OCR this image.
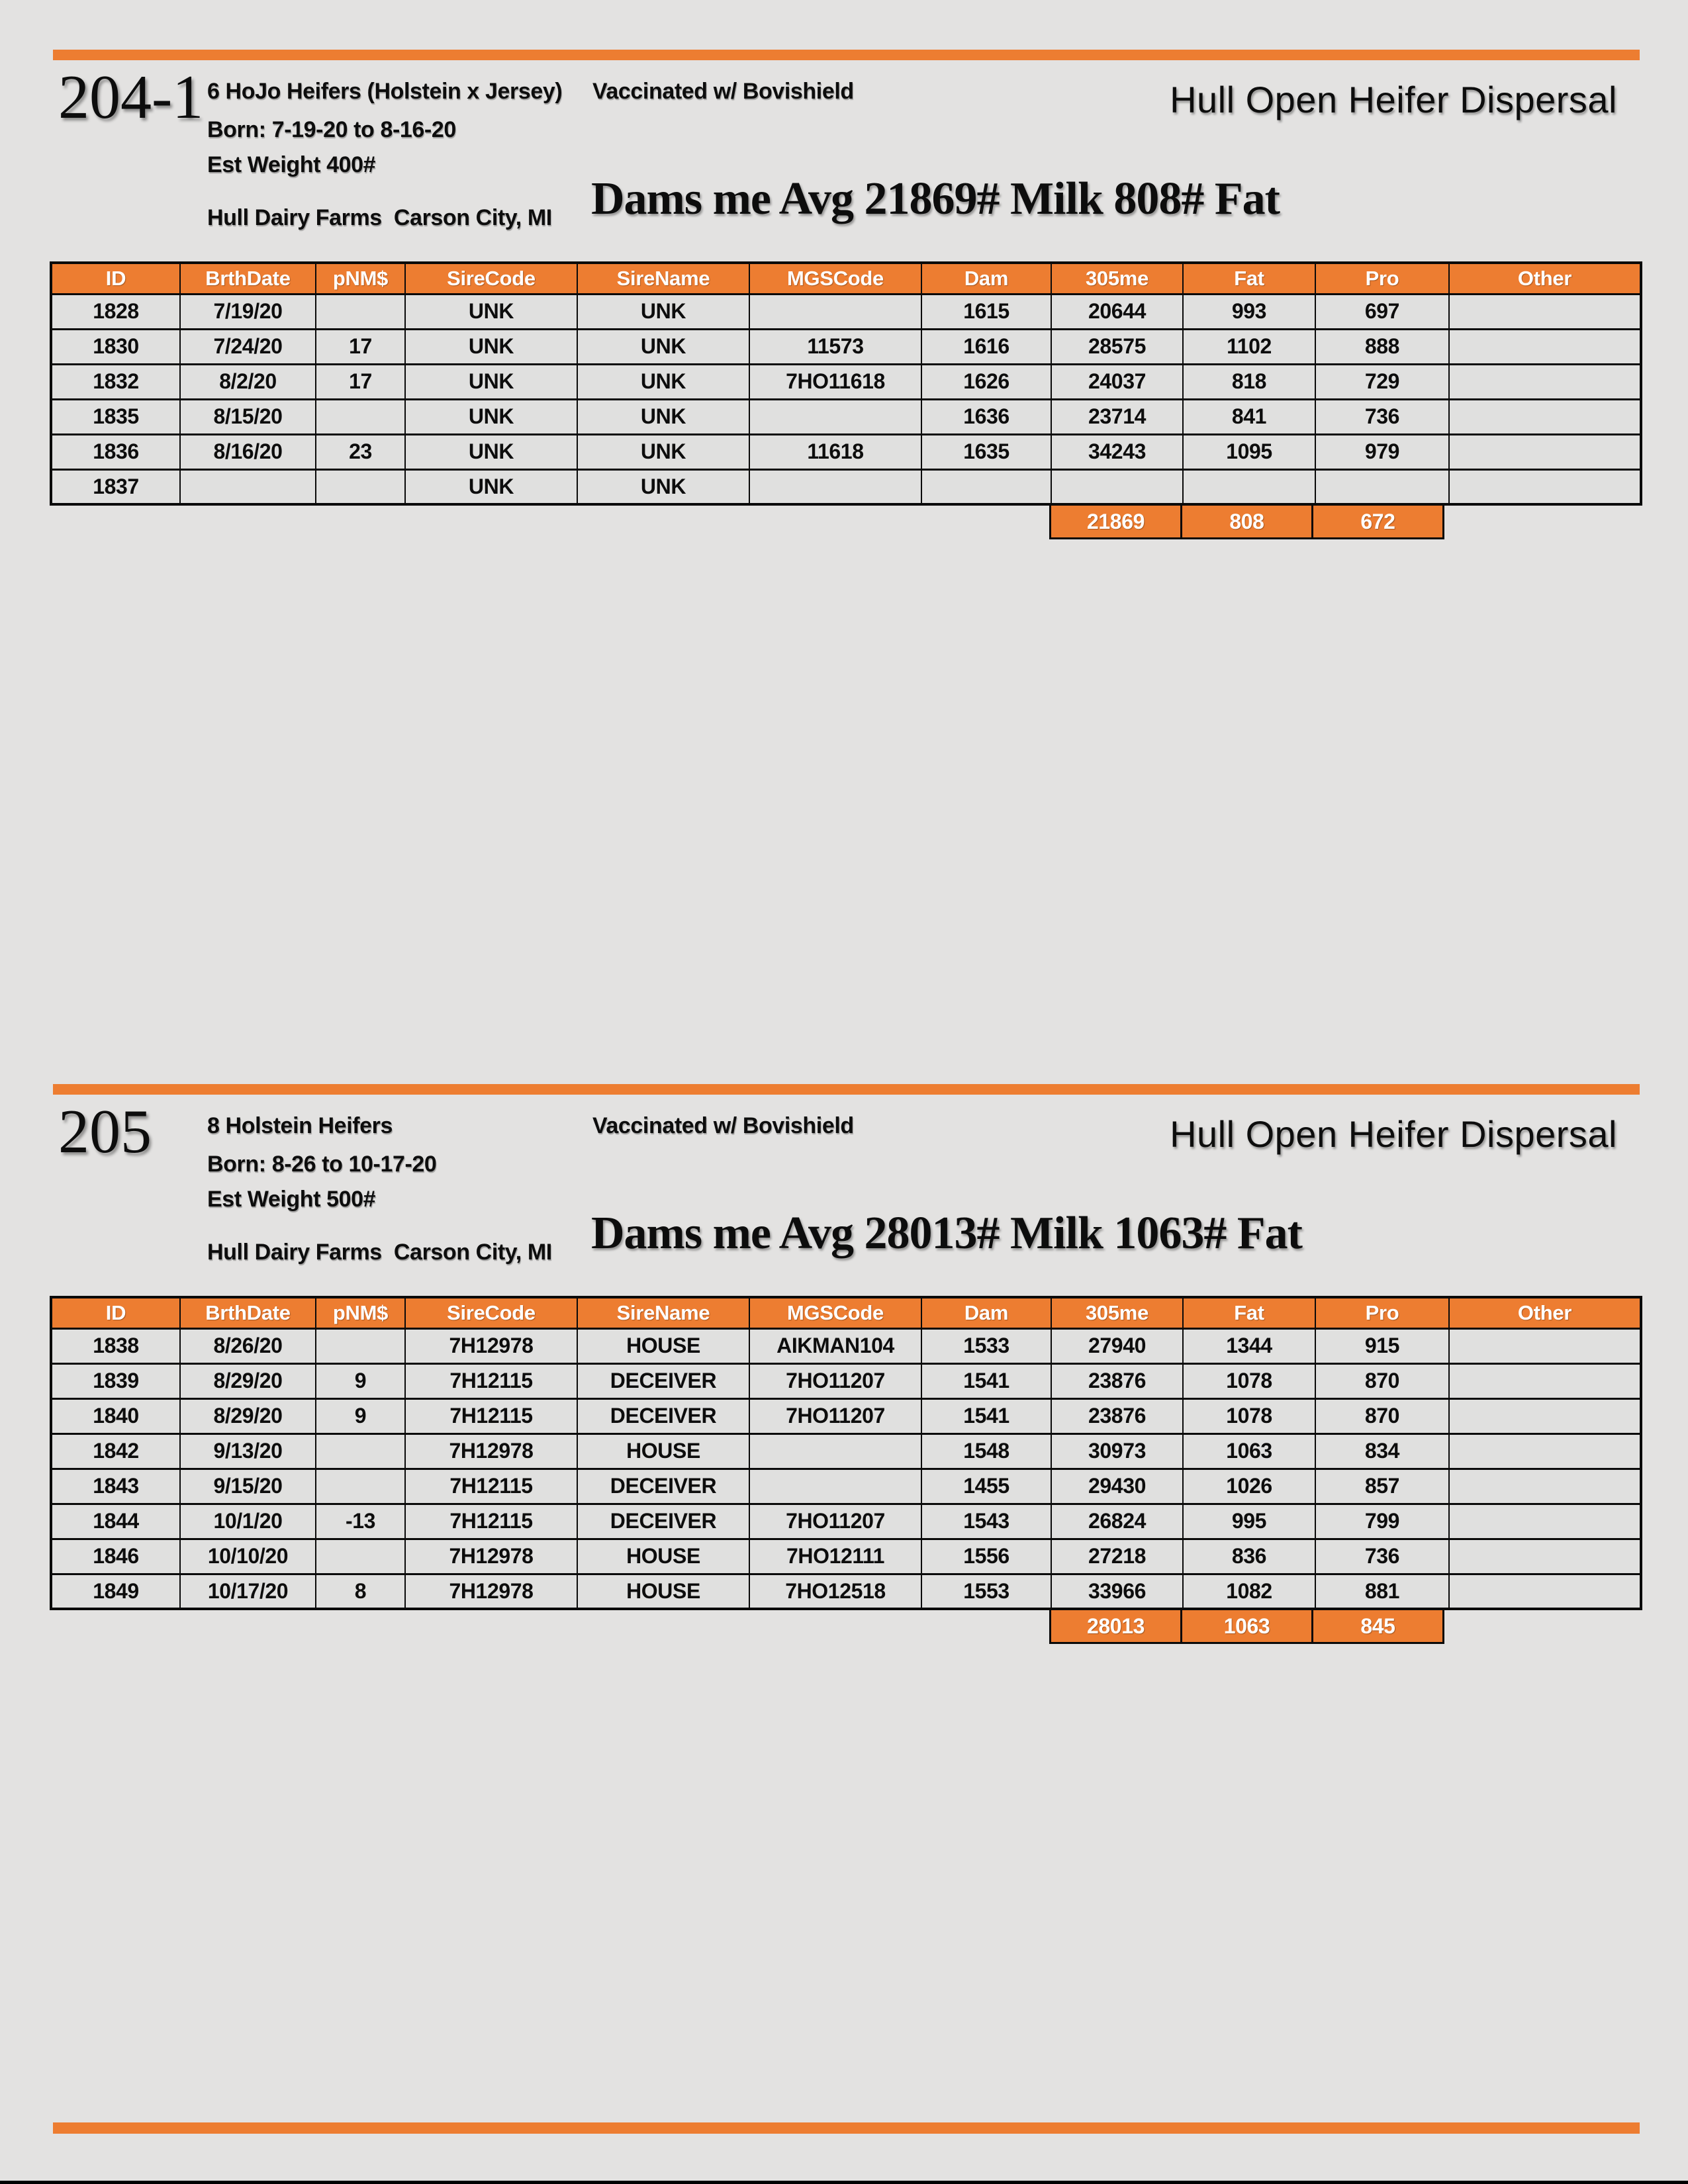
204-1 6 HoJo Heifers (Holstein x Jersey)
Born: 7-19-20 to 8-16-20
Est Weight 400#
Hull Dairy Farms  Carson City, MI
Vaccinated w/ Bovishield	Hull Open Heifer Dispersal
Dams me Avg 21869# Milk 808# Fat
ID	BrthDate	pNM$	SireCode	SireName	MGSCode	Dam	305me	Fat	Pro	Other
1828	7/19/20		UNK	UNK		1615	20644	993	697	
1830	7/24/20	17	UNK	UNK	11573	1616	28575	1102	888	
1832	8/2/20	17	UNK	UNK	7HO11618	1626	24037	818	729	
1835	8/15/20		UNK	UNK		1636	23714	841	736	
1836	8/16/20	23	UNK	UNK	11618	1635	34243	1095	979	
1837			UNK	UNK						
21869	808	672
205 8 Holstein Heifers
Born: 8-26 to 10-17-20
Est Weight 500#
Hull Dairy Farms  Carson City, MI
Vaccinated w/ Bovishield	Hull Open Heifer Dispersal
Dams me Avg 28013# Milk 1063# Fat
ID	BrthDate	pNM$	SireCode	SireName	MGSCode	Dam	305me	Fat	Pro	Other
1838	8/26/20		7H12978	HOUSE	AIKMAN104	1533	27940	1344	915	
1839	8/29/20	9	7H12115	DECEIVER	7HO11207	1541	23876	1078	870	
1840	8/29/20	9	7H12115	DECEIVER	7HO11207	1541	23876	1078	870	
1842	9/13/20		7H12978	HOUSE		1548	30973	1063	834	
1843	9/15/20		7H12115	DECEIVER		1455	29430	1026	857	
1844	10/1/20	-13	7H12115	DECEIVER	7HO11207	1543	26824	995	799	
1846	10/10/20		7H12978	HOUSE	7HO12111	1556	27218	836	736	
1849	10/17/20	8	7H12978	HOUSE	7HO12518	1553	33966	1082	881	
28013	1063	845
